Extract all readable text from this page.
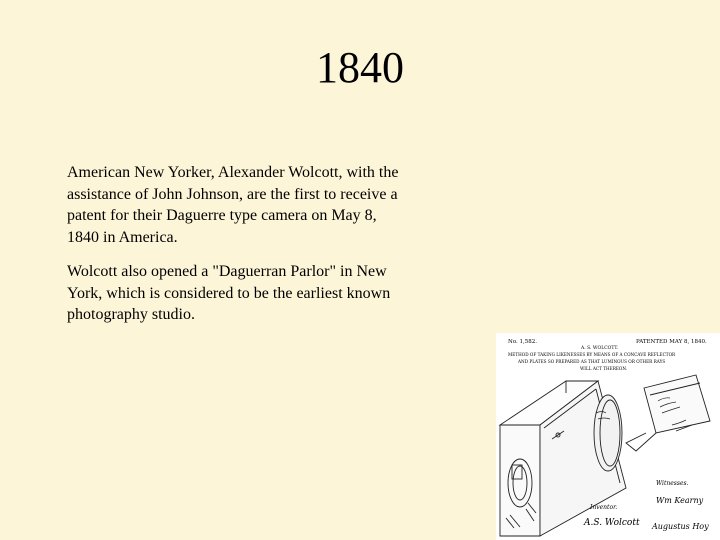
1840

American New Yorker, Alexander Wolcott, with the assistance of John Johnson, are the first to receive a patent for their Daguerre type camera on May 8, 1840 in America.

Wolcott also opened a "Daguerran Parlor" in New York, which is considered to be the earliest known photography studio.

No. 1,582.	PATENTED MAY 8, 1840.
A. S. WOLCOTT.
METHOD OF TAKING LIKENESSES BY MEANS OF A CONCAVE REFLECTOR
AND PLATES SO PREPARED AS THAT LUMINOUS OR OTHER RAYS
WILL ACT THEREON.
Witnesses.
Wm Kearny
Inventor.
A.S. Wolcott Augustus Hoy
